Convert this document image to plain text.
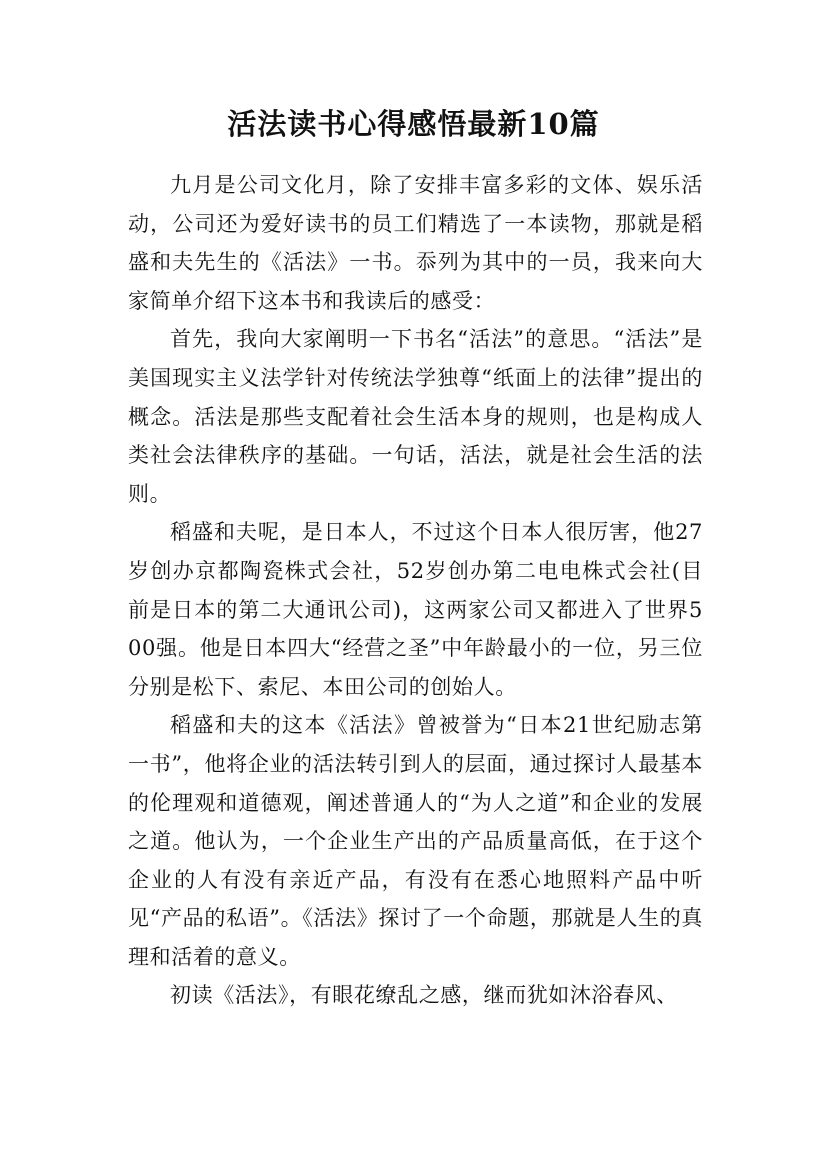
活法读书心得感悟最新10篇

九月是公司文化月，除了安排丰富多彩的文体、娱乐活动，公司还为爱好读书的员工们精选了一本读物，那就是稻盛和夫先生的《活法》一书。忝列为其中的一员，我来向大家简单介绍下这本书和我读后的感受：

首先，我向大家阐明一下书名“活法”的意思。“活法”是美国现实主义法学针对传统法学独尊“纸面上的法律”提出的概念。活法是那些支配着社会生活本身的规则，也是构成人类社会法律秩序的基础。一句话，活法，就是社会生活的法则。

稻盛和夫呢，是日本人，不过这个日本人很厉害，他27岁创办京都陶瓷株式会社，52岁创办第二电电株式会社(目前是日本的第二大通讯公司)，这两家公司又都进入了世界500强。他是日本四大“经营之圣”中年龄最小的一位，另三位分别是松下、索尼、本田公司的创始人。

稻盛和夫的这本《活法》曾被誉为“日本21世纪励志第一书”，他将企业的活法转引到人的层面，通过探讨人最基本的伦理观和道德观，阐述普通人的“为人之道”和企业的发展之道。他认为，一个企业生产出的产品质量高低，在于这个企业的人有没有亲近产品，有没有在悉心地照料产品中听见“产品的私语”。《活法》探讨了一个命题，那就是人生的真理和活着的意义。

初读《活法》，有眼花缭乱之感，继而犹如沐浴春风、
